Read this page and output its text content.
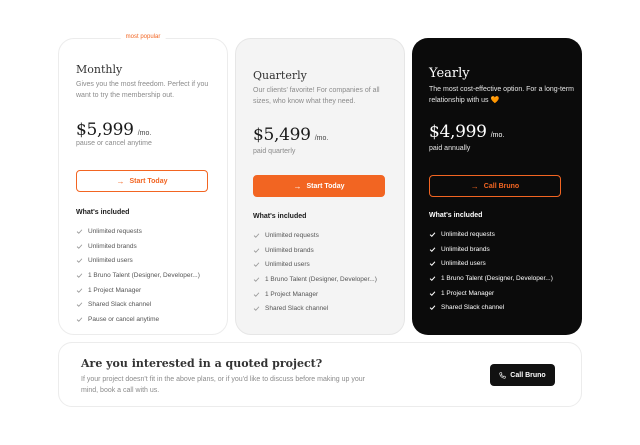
most popular
Monthly

Gives you the most freedom. Perfect if you want to try the membership out.

$5,999 /mo.

pause or cancel anytime

→ Start Today
What's included
Unlimited requests
Unlimited brands
Unlimited users
1 Bruno Talent (Designer, Developer...)
1 Project Manager
Shared Slack channel
Pause or cancel anytime
Quarterly

Our clients' favorite! For companies of all sizes, who know what they need.

$5,499 /mo.

paid quarterly

→ Start Today
What's included
Unlimited requests
Unlimited brands
Unlimited users
1 Bruno Talent (Designer, Developer...)
1 Project Manager
Shared Slack channel
Yearly

The most cost-effective option. For a long-term relationship with us 🧡

$4,999 /mo.

paid annually

→ Call Bruno
What's included
Unlimited requests
Unlimited brands
Unlimited users
1 Bruno Talent (Designer, Developer...)
1 Project Manager
Shared Slack channel
Are you interested in a quoted project?

If your project doesn't fit in the above plans, or if you'd like to discuss before making up your mind, book a call with us.

Call Bruno
